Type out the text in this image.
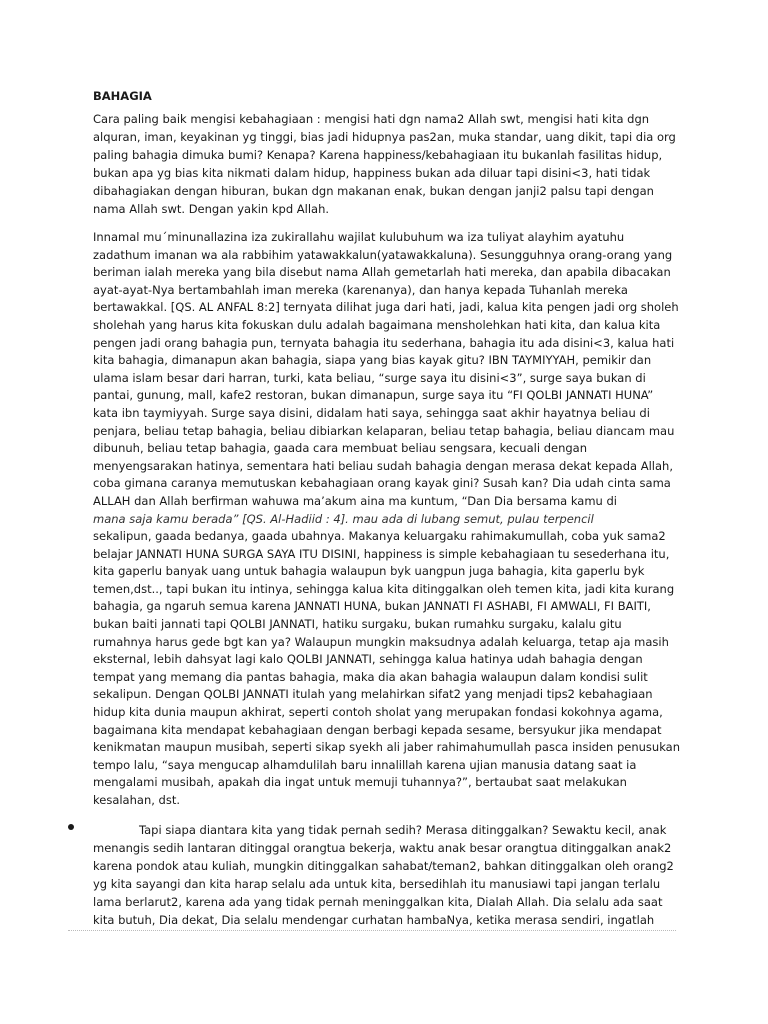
BAHAGIA

Cara paling baik mengisi kebahagiaan : mengisi hati dgn nama2 Allah swt, mengisi hati kita dgn
alquran, iman, keyakinan yg tinggi, bias jadi hidupnya pas2an, muka standar, uang dikit, tapi dia org
paling bahagia dimuka bumi? Kenapa? Karena happiness/kebahagiaan itu bukanlah fasilitas hidup,
bukan apa yg bias kita nikmati dalam hidup, happiness bukan ada diluar tapi disini<3, hati tidak
dibahagiakan dengan hiburan, bukan dgn makanan enak, bukan dengan janji2 palsu tapi dengan
nama Allah swt. Dengan yakin kpd Allah.

Innamal mu´minunallazina iza zukirallahu wajilat kulubuhum wa iza tuliyat alayhim ayatuhu
zadathum imanan wa ala rabbihim yatawakkalun(yatawakkaluna). Sesungguhnya orang-orang yang
beriman ialah mereka yang bila disebut nama Allah gemetarlah hati mereka, dan apabila dibacakan
ayat-ayat-Nya bertambahlah iman mereka (karenanya), dan hanya kepada Tuhanlah mereka
bertawakkal. [QS. AL ANFAL 8:2] ternyata dilihat juga dari hati, jadi, kalua kita pengen jadi org sholeh
sholehah yang harus kita fokuskan dulu adalah bagaimana mensholehkan hati kita, dan kalua kita
pengen jadi orang bahagia pun, ternyata bahagia itu sederhana, bahagia itu ada disini<3, kalua hati
kita bahagia, dimanapun akan bahagia, siapa yang bias kayak gitu? IBN TAYMIYYAH, pemikir dan
ulama islam besar dari harran, turki, kata beliau, “surge saya itu disini<3”, surge saya bukan di
pantai, gunung, mall, kafe2 restoran, bukan dimanapun, surge saya itu “FI QOLBI JANNATI HUNA”
kata ibn taymiyyah. Surge saya disini, didalam hati saya, sehingga saat akhir hayatnya beliau di
penjara, beliau tetap bahagia, beliau dibiarkan kelaparan, beliau tetap bahagia, beliau diancam mau
dibunuh, beliau tetap bahagia, gaada cara membuat beliau sengsara, kecuali dengan
menyengsarakan hatinya, sementara hati beliau sudah bahagia dengan merasa dekat kepada Allah,
coba gimana caranya memutuskan kebahagiaan orang kayak gini? Susah kan? Dia udah cinta sama
ALLAH dan Allah berfirman wahuwa ma’akum aina ma kuntum, “Dan Dia bersama kamu di
mana saja kamu berada” [QS. Al-Hadiid : 4]. mau ada di lubang semut, pulau terpencil
sekalipun, gaada bedanya, gaada ubahnya. Makanya keluargaku rahimakumullah, coba yuk sama2
belajar JANNATI HUNA SURGA SAYA ITU DISINI, happiness is simple kebahagiaan tu sesederhana itu,
kita gaperlu banyak uang untuk bahagia walaupun byk uangpun juga bahagia, kita gaperlu byk
temen,dst.., tapi bukan itu intinya, sehingga kalua kita ditinggalkan oleh temen kita, jadi kita kurang
bahagia, ga ngaruh semua karena JANNATI HUNA, bukan JANNATI FI ASHABI, FI AMWALI, FI BAITI,
bukan baiti jannati tapi QOLBI JANNATI, hatiku surgaku, bukan rumahku surgaku, kalalu gitu
rumahnya harus gede bgt kan ya? Walaupun mungkin maksudnya adalah keluarga, tetap aja masih
eksternal, lebih dahsyat lagi kalo QOLBI JANNATI, sehingga kalua hatinya udah bahagia dengan
tempat yang memang dia pantas bahagia, maka dia akan bahagia walaupun dalam kondisi sulit
sekalipun. Dengan QOLBI JANNATI itulah yang melahirkan sifat2 yang menjadi tips2 kebahagiaan
hidup kita dunia maupun akhirat, seperti contoh sholat yang merupakan fondasi kokohnya agama,
bagaimana kita mendapat kebahagiaan dengan berbagi kepada sesame, bersyukur jika mendapat
kenikmatan maupun musibah, seperti sikap syekh ali jaber rahimahumullah pasca insiden penusukan
tempo lalu, “saya mengucap alhamdulilah baru innalillah karena ujian manusia datang saat ia
mengalami musibah, apakah dia ingat untuk memuji tuhannya?”, bertaubat saat melakukan
kesalahan, dst.

Tapi siapa diantara kita yang tidak pernah sedih? Merasa ditinggalkan? Sewaktu kecil, anak
menangis sedih lantaran ditinggal orangtua bekerja, waktu anak besar orangtua ditinggalkan anak2
karena pondok atau kuliah, mungkin ditinggalkan sahabat/teman2, bahkan ditinggalkan oleh orang2
yg kita sayangi dan kita harap selalu ada untuk kita, bersedihlah itu manusiawi tapi jangan terlalu
lama berlarut2, karena ada yang tidak pernah meninggalkan kita, Dialah Allah. Dia selalu ada saat
kita butuh, Dia dekat, Dia selalu mendengar curhatan hambaNya, ketika merasa sendiri, ingatlah
